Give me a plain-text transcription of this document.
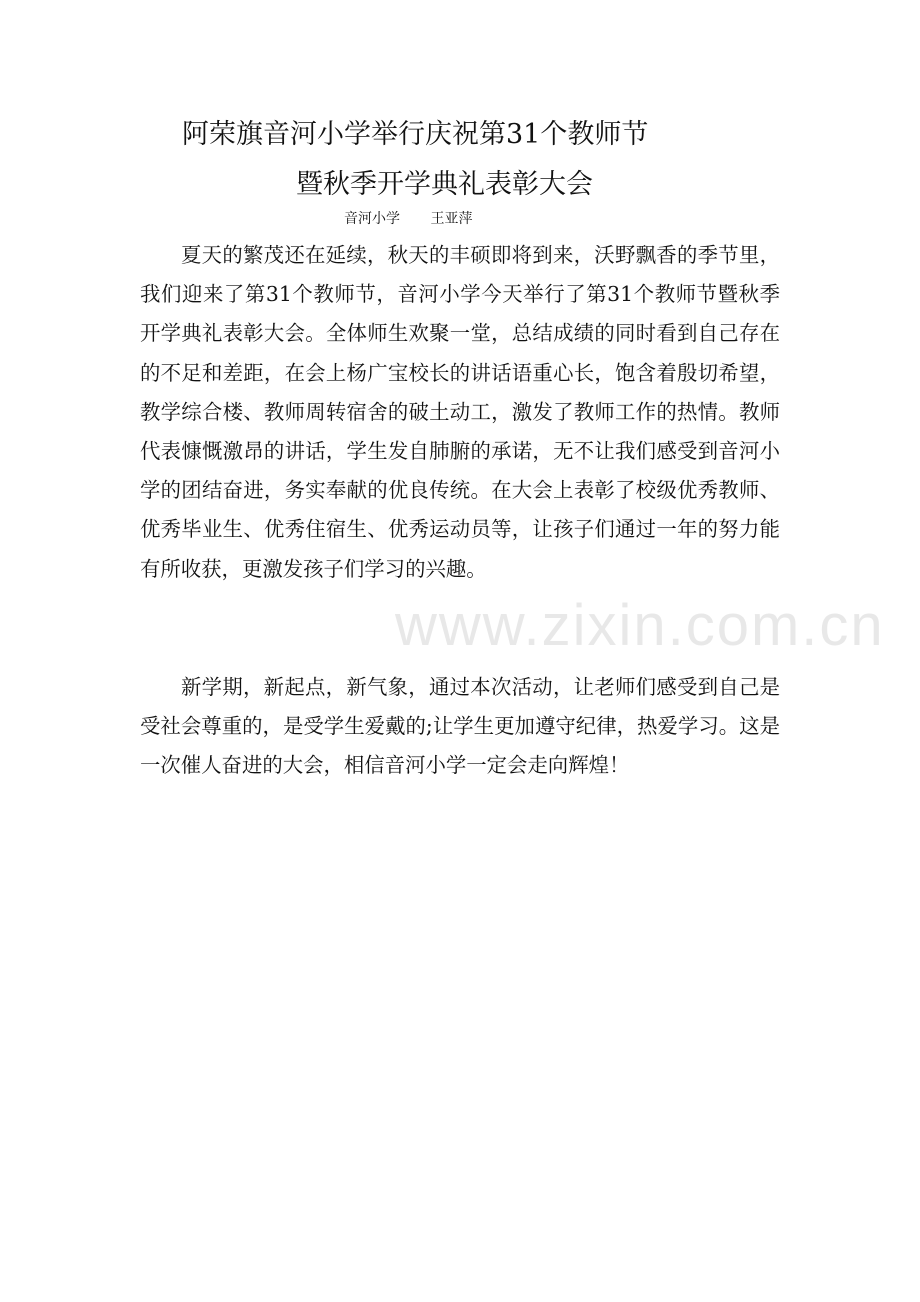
阿荣旗音河小学举行庆祝第31个教师节
暨秋季开学典礼表彰大会
音河小学 王亚萍

夏天的繁茂还在延续，秋天的丰硕即将到来，沃野飘香的季节里，我们迎来了第31个教师节，音河小学今天举行了第31个教师节暨秋季开学典礼表彰大会。全体师生欢聚一堂，总结成绩的同时看到自己存在的不足和差距，在会上杨广宝校长的讲话语重心长，饱含着殷切希望，教学综合楼、教师周转宿舍的破土动工，激发了教师工作的热情。教师代表慷慨激昂的讲话，学生发自肺腑的承诺，无不让我们感受到音河小学的团结奋进，务实奉献的优良传统。在大会上表彰了校级优秀教师、优秀毕业生、优秀住宿生、优秀运动员等，让孩子们通过一年的努力能有所收获，更激发孩子们学习的兴趣。

新学期，新起点，新气象，通过本次活动，让老师们感受到自己是受社会尊重的，是受学生爱戴的;让学生更加遵守纪律，热爱学习。这是一次催人奋进的大会，相信音河小学一定会走向辉煌！

www.zixin.com.cn
